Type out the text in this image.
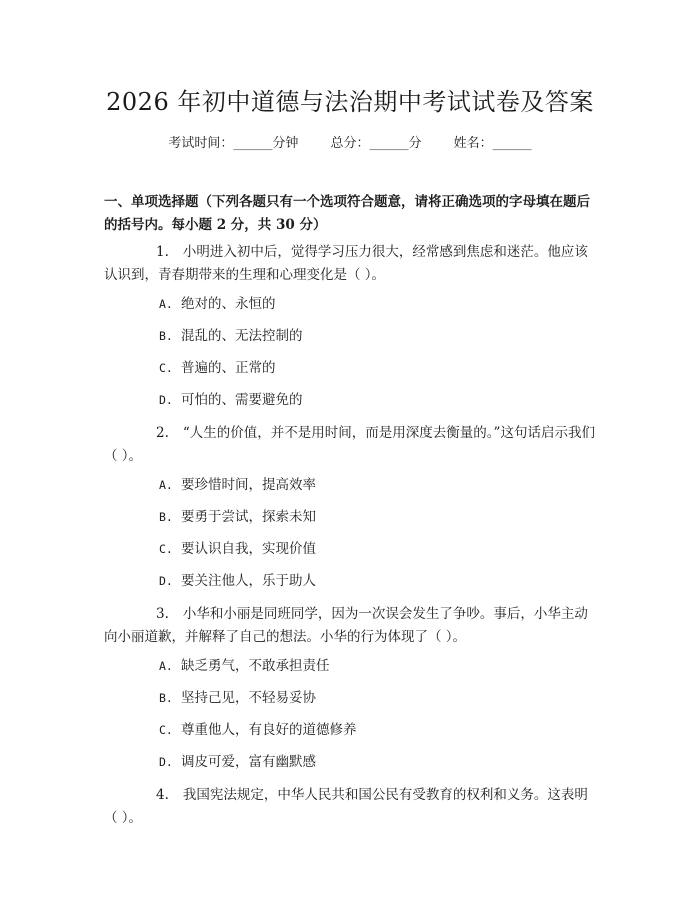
2026 年初中道德与法治期中考试试卷及答案
考试时间：______分钟 总分：______分 姓名：______

一、单项选择题（下列各题只有一个选项符合题意，请将正确选项的字母填在题后的括号内。每小题 2 分，共 30 分）

1. 小明进入初中后，觉得学习压力很大，经常感到焦虑和迷茫。他应该认识到，青春期带来的生理和心理变化是（ ）。

A. 绝对的、永恒的

B. 混乱的、无法控制的

C. 普遍的、正常的

D. 可怕的、需要避免的

2. “人生的价值，并不是用时间，而是用深度去衡量的。”这句话启示我们（ ）。

A. 要珍惜时间，提高效率

B. 要勇于尝试，探索未知

C. 要认识自我，实现价值

D. 要关注他人，乐于助人

3. 小华和小丽是同班同学，因为一次误会发生了争吵。事后，小华主动向小丽道歉，并解释了自己的想法。小华的行为体现了（ ）。

A. 缺乏勇气，不敢承担责任

B. 坚持己见，不轻易妥协

C. 尊重他人，有良好的道德修养

D. 调皮可爱，富有幽默感

4. 我国宪法规定，中华人民共和国公民有受教育的权利和义务。这表明（ ）。
